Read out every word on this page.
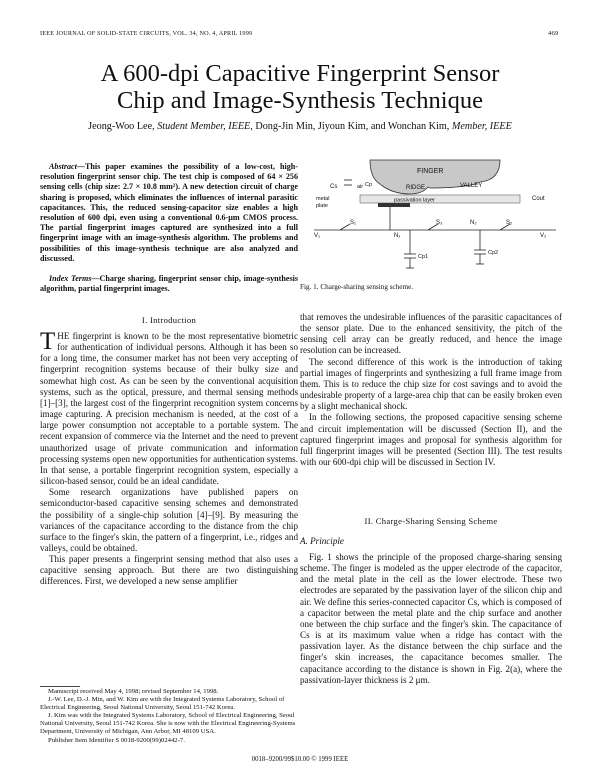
IEEE JOURNAL OF SOLID-STATE CIRCUITS, VOL. 34, NO. 4, APRIL 1999	469
A 600-dpi Capacitive Fingerprint Sensor
Chip and Image-Synthesis Technique
Jeong-Woo Lee, Student Member, IEEE, Dong-Jin Min, Jiyoun Kim, and Wonchan Kim, Member, IEEE

Abstract—This paper examines the possibility of a low-cost, high-resolution fingerprint sensor chip. The test chip is composed of 64 × 256 sensing cells (chip size: 2.7 × 10.8 mm²). A new detection circuit of charge sharing is proposed, which eliminates the influences of internal parasitic capacitances. This, the reduced sensing-capacitor size enables a high resolution of 600 dpi, even using a conventional 0.6-μm CMOS process. The partial fingerprint images captured are synthesized into a full fingerprint image with an image-synthesis algorithm. The problems and possibilities of this image-synthesis technique are also analyzed and discussed.

Index Terms—Charge sharing, fingerprint sensor chip, image-synthesis algorithm, partial fingerprint images.

I. Introduction

THE fingerprint is known to be the most representative biometric for authentication of individual persons. Although it has been so for a long time, the consumer market has not been very accepting of fingerprint recognition systems because of their bulky size and somewhat high cost. As can be seen by the conventional acquisition systems, such as the optical, pressure, and thermal sensing methods [1]–[3], the largest cost of the fingerprint recognition system concerns image capturing. A precision mechanism is needed, at the cost of a large power consumption not acceptable to a portable system. The recent expansion of commerce via the Internet and the need to prevent unauthorized usage of private communication and information processing systems open new opportunities for authentication systems. In that sense, a portable fingerprint recognition system, especially a silicon-based sensor, could be an ideal candidate.

Some research organizations have published papers on semiconductor-based capacitive sensing schemes and demonstrated the possibility of a single-chip solution [4]–[9]. By measuring the variances of the capacitance according to the distance from the chip surface to the finger's skin, the pattern of a fingerprint, i.e., ridges and valleys, could be obtained.

This paper presents a fingerprint sensing method that also uses a capacitive sensing approach. But there are two distinguishing differences. First, we developed a new sense amplifier

Manuscript received May 4, 1998; revised September 14, 1998.

J.-W. Lee, D.-J. Min, and W. Kim are with the Integrated Systems Laboratory, School of Electrical Engineering, Seoul National University, Seoul 151-742 Korea.

J. Kim was with the Integrated Systems Laboratory, School of Electrical Engineering, Seoul National University, Seoul 151-742 Korea. She is now with the Electrical Engineering-Systems Department, University of Michigan, Ann Arbor, MI 48109 USA.

Publisher Item Identifier S 0018-9200(99)02442-7.

FINGER
RIDGE	VALLEY
passivation layer
metal
plate
Cs	air Cp
Cout
V₁
S₁
N₁
S₃	N₂	S₂
V₂
Cp1
Cp2
Fig. 1. Charge-sharing sensing scheme.

that removes the undesirable influences of the parasitic capacitances of the sensor plate. Due to the enhanced sensitivity, the pitch of the sensing cell array can be greatly reduced, and hence the image resolution can be increased.

The second difference of this work is the introduction of taking partial images of fingerprints and synthesizing a full frame image from them. This is to reduce the chip size for cost savings and to avoid the undesirable property of a large-area chip that can be easily broken even by a slight mechanical shock.

In the following sections, the proposed capacitive sensing scheme and circuit implementation will be discussed (Section II), and the captured fingerprint images and proposal for synthesis algorithm for full fingerprint images will be presented (Section III). The test results with our 600-dpi chip will be discussed in Section IV.

II. Charge-Sharing Sensing Scheme
A. Principle

Fig. 1 shows the principle of the proposed charge-sharing sensing scheme. The finger is modeled as the upper electrode of the capacitor, and the metal plate in the cell as the lower electrode. These two electrodes are separated by the passivation layer of the silicon chip and air. We define this series-connected capacitor Cs, which is composed of a capacitor between the metal plate and the chip surface and another one between the chip surface and the finger's skin. The capacitance of Cs is at its maximum value when a ridge has contact with the passivation layer. As the distance between the chip surface and the finger's skin increases, the capacitance becomes smaller. The capacitance according to the distance is shown in Fig. 2(a), where the passivation-layer thickness is 2 μm.

0018–9200/99$10.00 © 1999 IEEE
